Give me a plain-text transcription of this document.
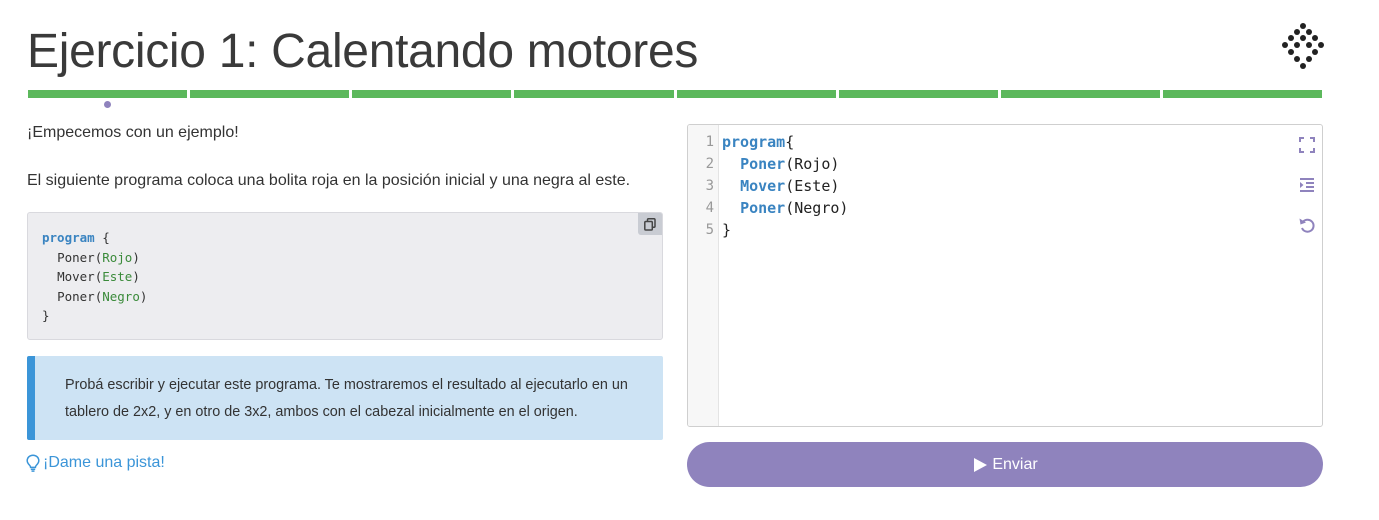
Ejercicio 1: Calentando motores

¡Empecemos con un ejemplo!

El siguiente programa coloca una bolita roja en la posición inicial y una negra al este.

program {
Poner(Rojo)
Mover(Este)
Poner(Negro)
}

Probá escribir y ejecutar este programa. Te mostraremos el resultado al ejecutarlo en un tablero de 2x2, y en otro de 3x2, ambos con el cabezal inicialmente en el origen.

¡Dame una pista!
1
2
3
4
5
program{
Poner(Rojo)
Mover(Este)
Poner(Negro)
}
Enviar
